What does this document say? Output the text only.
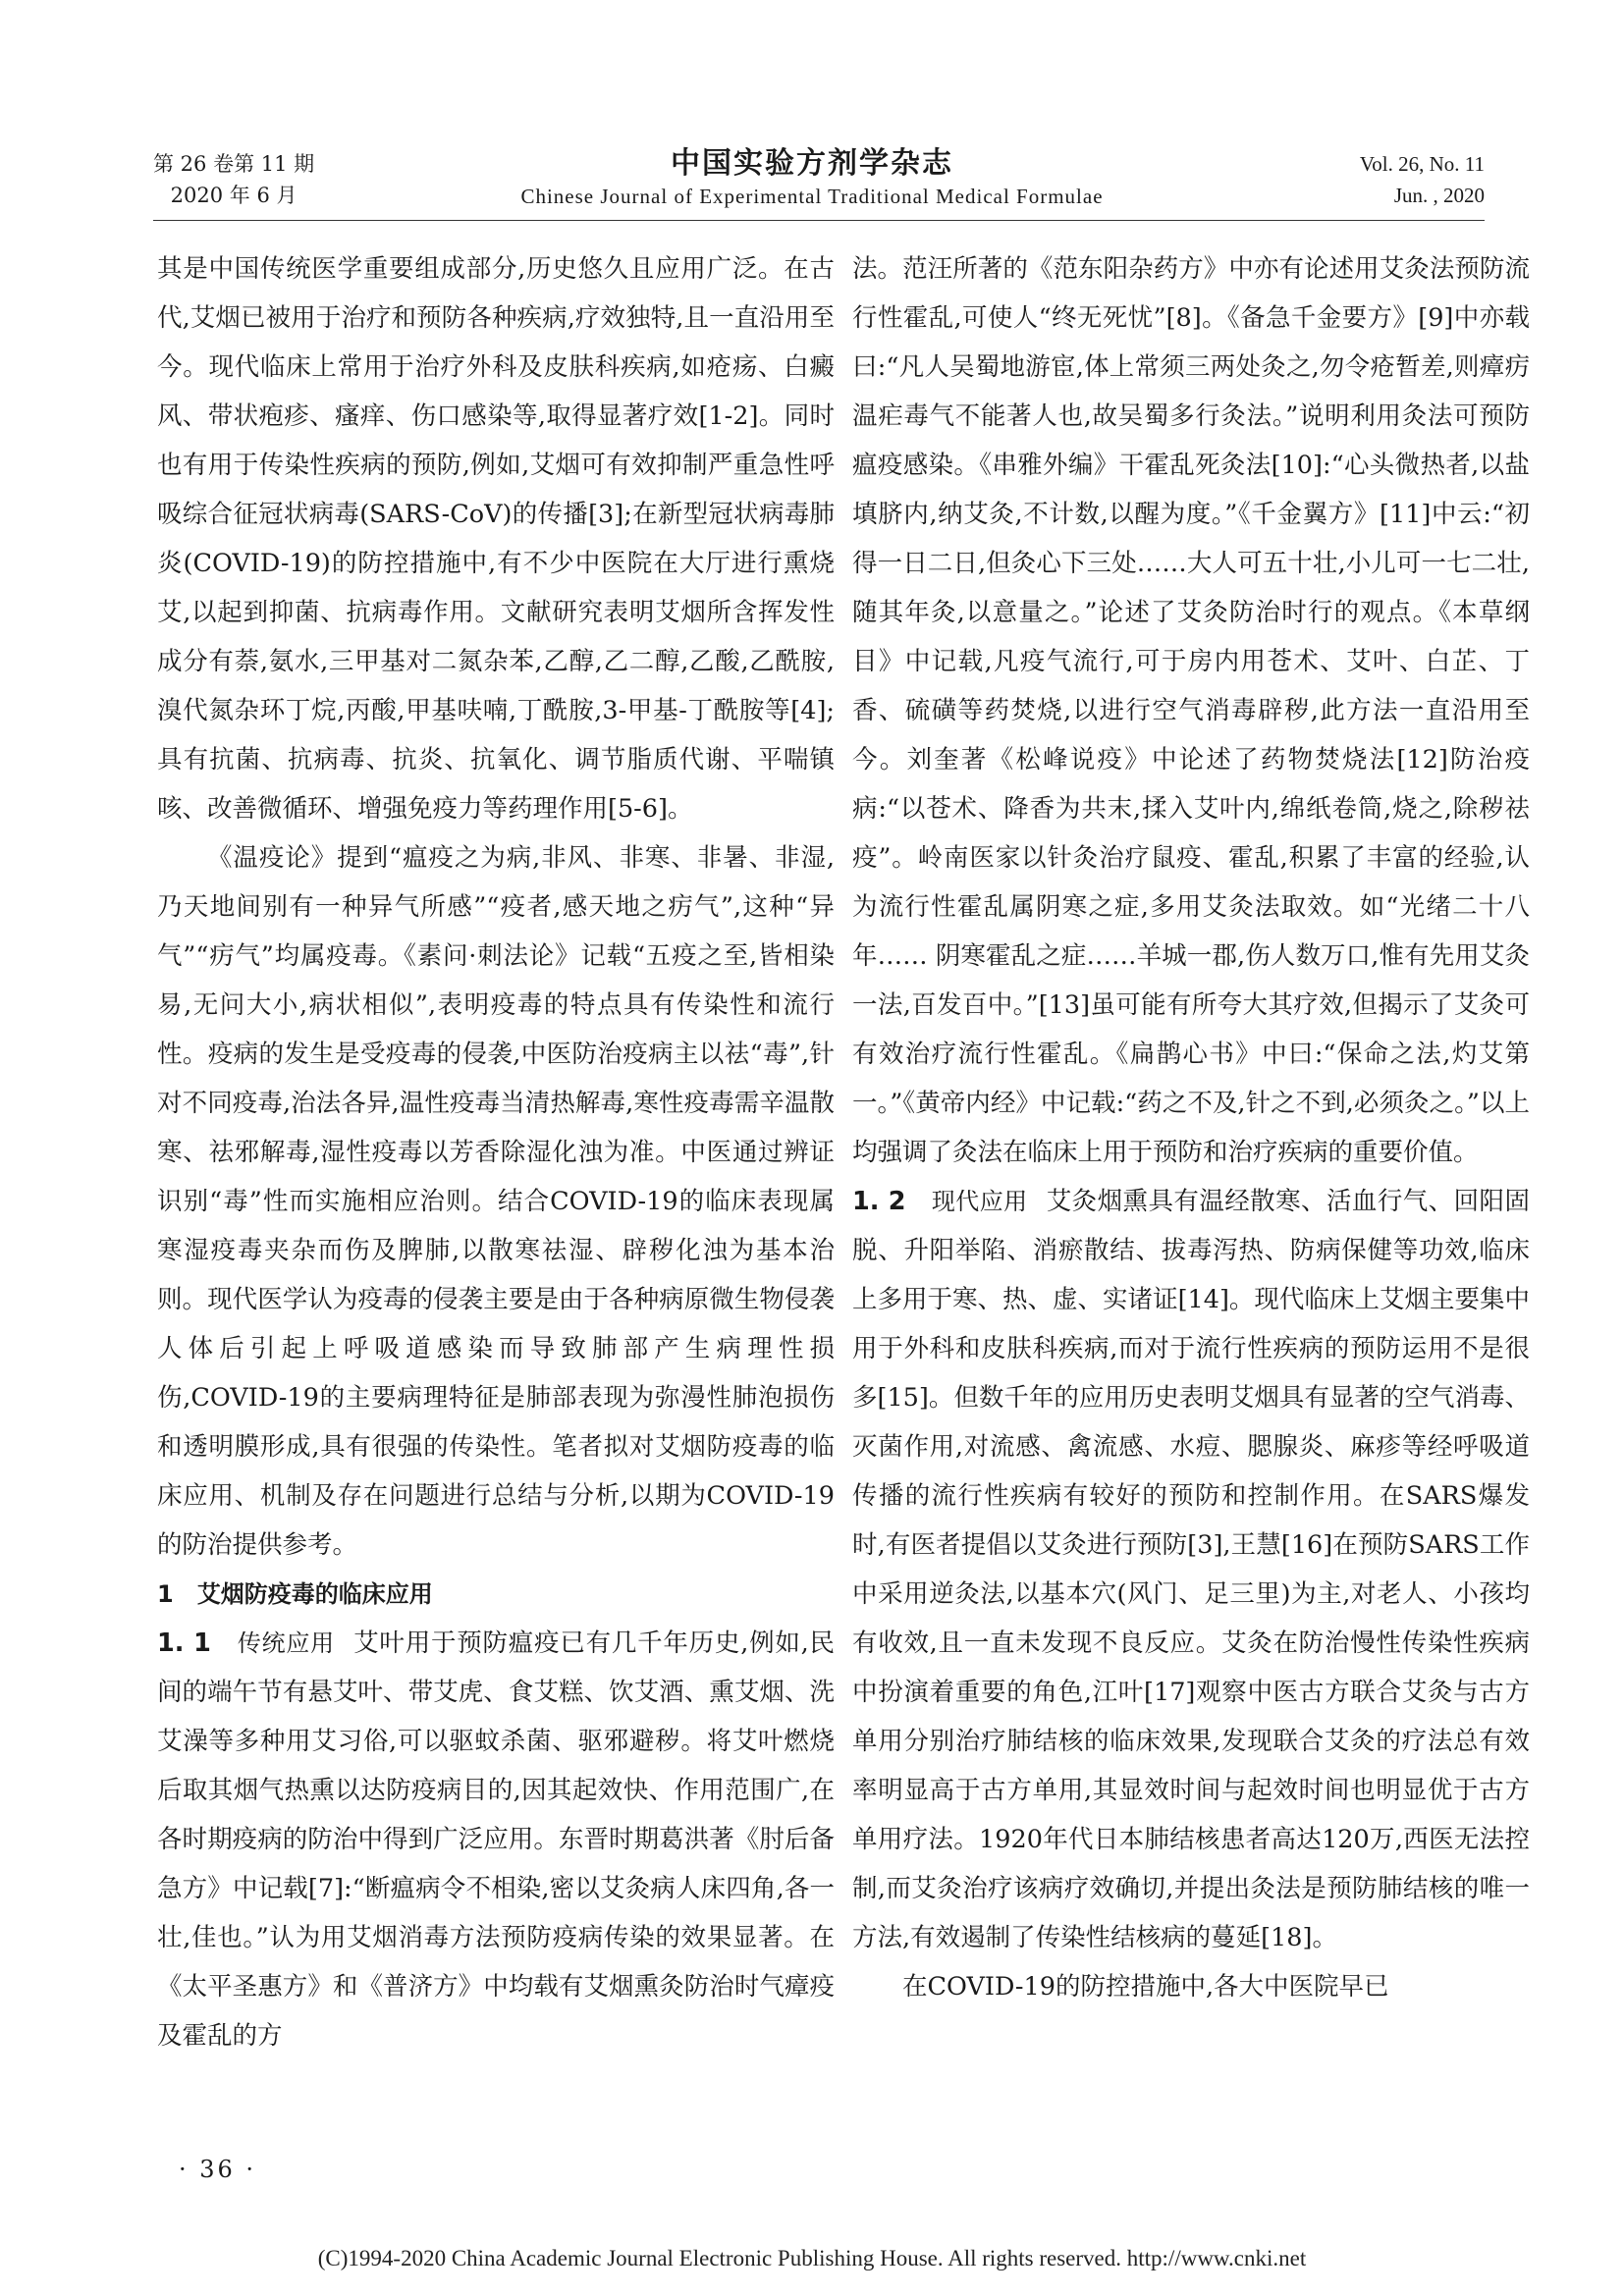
第 26 卷第 11 期
2020 年 6 月
中国实验方剂学杂志
Chinese Journal of Experimental Traditional Medical Formulae
Vol. 26, No. 11
Jun. , 2020

其是中国传统医学重要组成部分,历史悠久且应用广泛。在古代,艾烟已被用于治疗和预防各种疾病,疗效独特,且一直沿用至今。现代临床上常用于治疗外科及皮肤科疾病,如疮疡、白癜风、带状疱疹、瘙痒、伤口感染等,取得显著疗效[1-2]。同时也有用于传染性疾病的预防,例如,艾烟可有效抑制严重急性呼吸综合征冠状病毒(SARS-CoV)的传播[3];在新型冠状病毒肺炎(COVID-19)的防控措施中,有不少中医院在大厅进行熏烧艾,以起到抑菌、抗病毒作用。文献研究表明艾烟所含挥发性成分有萘,氨水,三甲基对二氮杂苯,乙醇,乙二醇,乙酸,乙酰胺,溴代氮杂环丁烷,丙酸,甲基呋喃,丁酰胺,3-甲基-丁酰胺等[4];具有抗菌、抗病毒、抗炎、抗氧化、调节脂质代谢、平喘镇咳、改善微循环、增强免疫力等药理作用[5-6]。

《温疫论》提到“瘟疫之为病,非风、非寒、非暑、非湿,乃天地间别有一种异气所感”“疫者,感天地之疠气”,这种“异气”“疠气”均属疫毒。《素问·刺法论》记载“五疫之至,皆相染易,无问大小,病状相似”,表明疫毒的特点具有传染性和流行性。疫病的发生是受疫毒的侵袭,中医防治疫病主以祛“毒”,针对不同疫毒,治法各异,温性疫毒当清热解毒,寒性疫毒需辛温散寒、祛邪解毒,湿性疫毒以芳香除湿化浊为准。中医通过辨证识别“毒”性而实施相应治则。结合COVID-19的临床表现属寒湿疫毒夹杂而伤及脾肺,以散寒祛湿、辟秽化浊为基本治则。现代医学认为疫毒的侵袭主要是由于各种病原微生物侵袭人体后引起上呼吸道感染而导致肺部产生病理性损伤,COVID-19的主要病理特征是肺部表现为弥漫性肺泡损伤和透明膜形成,具有很强的传染性。笔者拟对艾烟防疫毒的临床应用、机制及存在问题进行总结与分析,以期为COVID-19的防治提供参考。

1　艾烟防疫毒的临床应用

1. 1　 传统应用 艾叶用于预防瘟疫已有几千年历史,例如,民间的端午节有悬艾叶、带艾虎、食艾糕、饮艾酒、熏艾烟、洗艾澡等多种用艾习俗,可以驱蚊杀菌、驱邪避秽。将艾叶燃烧后取其烟气热熏以达防疫病目的,因其起效快、作用范围广,在各时期疫病的防治中得到广泛应用。东晋时期葛洪著《肘后备急方》中记载[7]:“断瘟病令不相染,密以艾灸病人床四角,各一壮,佳也。”认为用艾烟消毒方法预防疫病传染的效果显著。在《太平圣惠方》和《普济方》中均载有艾烟熏灸防治时气瘴疫及霍乱的方

法。范汪所著的《范东阳杂药方》中亦有论述用艾灸法预防流行性霍乱,可使人“终无死忧”[8]。《备急千金要方》[9]中亦载曰:“凡人吴蜀地游宦,体上常须三两处灸之,勿令疮暂差,则瘴疠温疟毒气不能著人也,故吴蜀多行灸法。”说明利用灸法可预防瘟疫感染。《串雅外编》干霍乱死灸法[10]:“心头微热者,以盐填脐内,纳艾灸,不计数,以醒为度。”《千金翼方》[11]中云:“初得一日二日,但灸心下三处……大人可五十壮,小儿可一七二壮,随其年灸,以意量之。”论述了艾灸防治时行的观点。《本草纲目》中记载,凡疫气流行,可于房内用苍术、艾叶、白芷、丁香、硫磺等药焚烧,以进行空气消毒辟秽,此方法一直沿用至今。刘奎著《松峰说疫》中论述了药物焚烧法[12]防治疫病:“以苍术、降香为共末,揉入艾叶内,绵纸卷筒,烧之,除秽祛疫”。岭南医家以针灸治疗鼠疫、霍乱,积累了丰富的经验,认为流行性霍乱属阴寒之症,多用艾灸法取效。如“光绪二十八年…… 阴寒霍乱之症……羊城一郡,伤人数万口,惟有先用艾灸一法,百发百中。”[13]虽可能有所夸大其疗效,但揭示了艾灸可有效治疗流行性霍乱。《扁鹊心书》中曰:“保命之法,灼艾第一。”《黄帝内经》中记载:“药之不及,针之不到,必须灸之。”以上均强调了灸法在临床上用于预防和治疗疾病的重要价值。

1. 2　 现代应用 艾灸烟熏具有温经散寒、活血行气、回阳固脱、升阳举陷、消瘀散结、拔毒泻热、防病保健等功效,临床上多用于寒、热、虚、实诸证[14]。现代临床上艾烟主要集中用于外科和皮肤科疾病,而对于流行性疾病的预防运用不是很多[15]。但数千年的应用历史表明艾烟具有显著的空气消毒、灭菌作用,对流感、禽流感、水痘、腮腺炎、麻疹等经呼吸道传播的流行性疾病有较好的预防和控制作用。在SARS爆发时,有医者提倡以艾灸进行预防[3],王慧[16]在预防SARS工作中采用逆灸法,以基本穴(风门、足三里)为主,对老人、小孩均有收效,且一直未发现不良反应。艾灸在防治慢性传染性疾病中扮演着重要的角色,江叶[17]观察中医古方联合艾灸与古方单用分别治疗肺结核的临床效果,发现联合艾灸的疗法总有效率明显高于古方单用,其显效时间与起效时间也明显优于古方单用疗法。1920年代日本肺结核患者高达120万,西医无法控制,而艾灸治疗该病疗效确切,并提出灸法是预防肺结核的唯一方法,有效遏制了传染性结核病的蔓延[18]。

在COVID-19的防控措施中,各大中医院早已

· 36 ·
(C)1994-2020 China Academic Journal Electronic Publishing House. All rights reserved. http://www.cnki.net
